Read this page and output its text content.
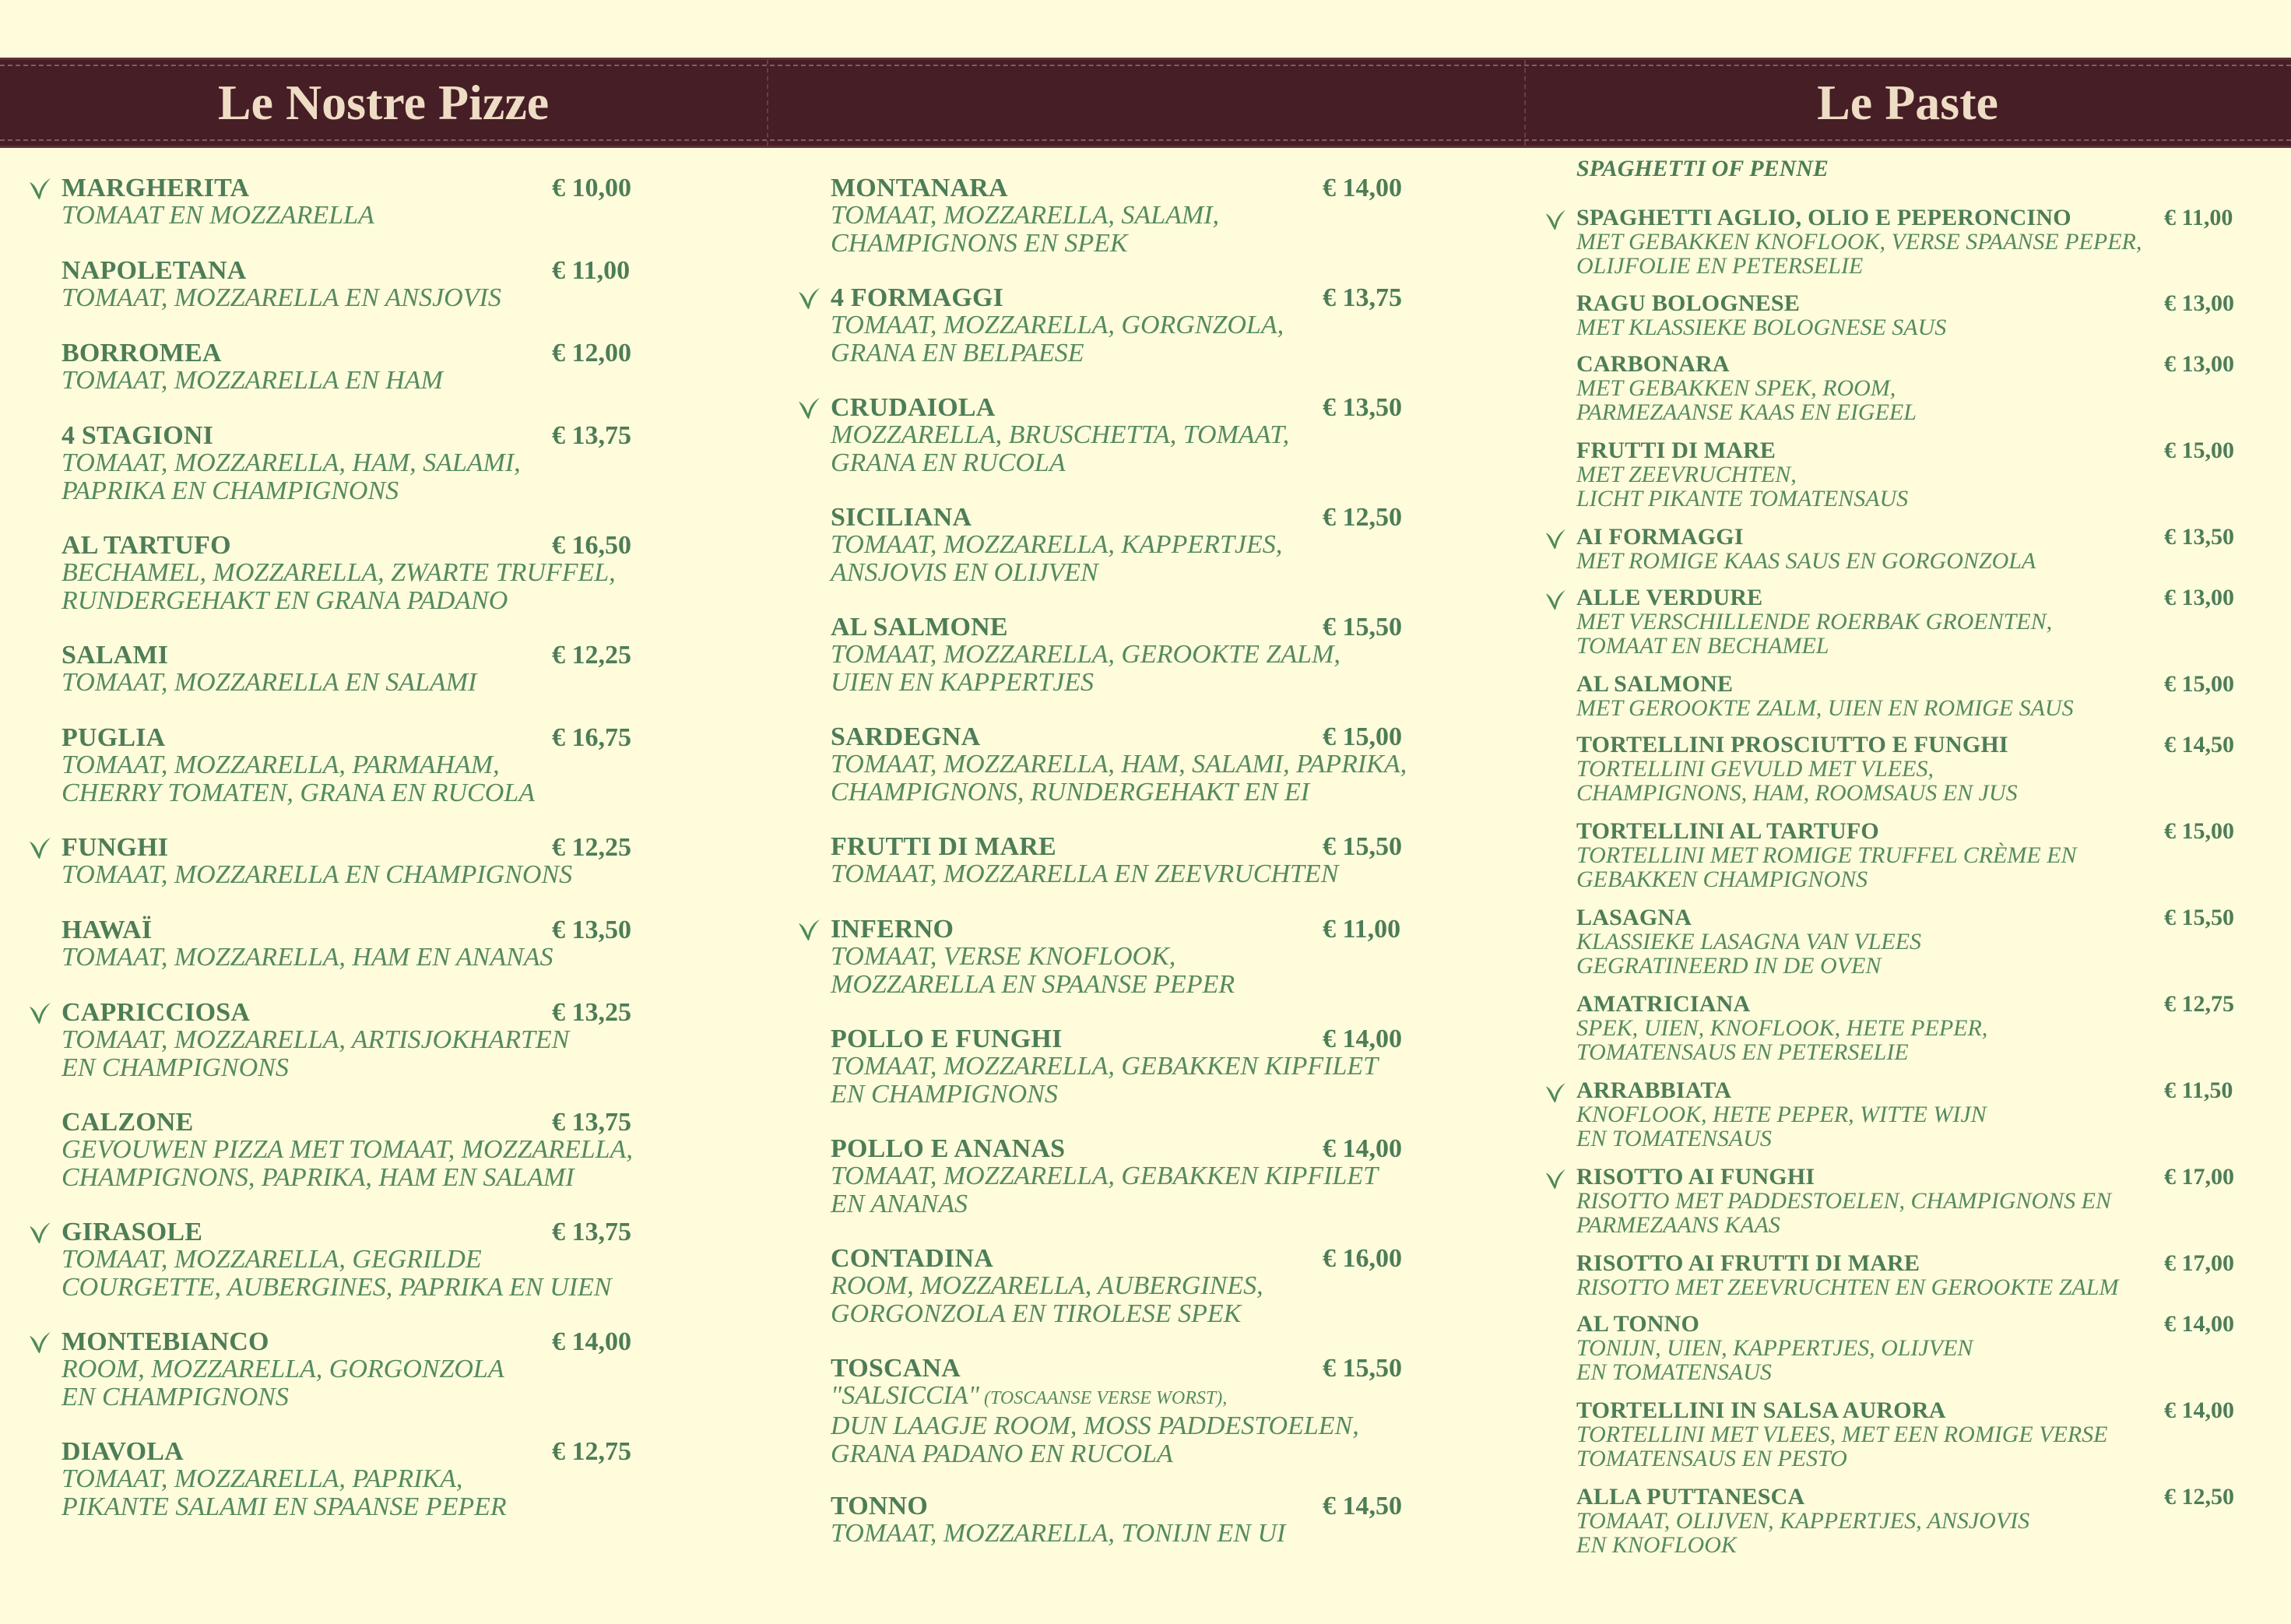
Le Nostre Pizze	Le Paste
MARGHERITA	€ 10,00
TOMAAT EN MOZZARELLA
NAPOLETANA	€ 11,00
TOMAAT, MOZZARELLA EN ANSJOVIS
BORROMEA	€ 12,00
TOMAAT, MOZZARELLA EN HAM
4 STAGIONI	€ 13,75
TOMAAT, MOZZARELLA, HAM, SALAMI,
PAPRIKA EN CHAMPIGNONS
AL TARTUFO	€ 16,50
BECHAMEL, MOZZARELLA, ZWARTE TRUFFEL,
RUNDERGEHAKT EN GRANA PADANO
SALAMI	€ 12,25
TOMAAT, MOZZARELLA EN SALAMI
PUGLIA	€ 16,75
TOMAAT, MOZZARELLA, PARMAHAM,
CHERRY TOMATEN, GRANA EN RUCOLA
FUNGHI	€ 12,25
TOMAAT, MOZZARELLA EN CHAMPIGNONS
HAWAÏ	€ 13,50
TOMAAT, MOZZARELLA, HAM EN ANANAS
CAPRICCIOSA	€ 13,25
TOMAAT, MOZZARELLA, ARTISJOKHARTEN
EN CHAMPIGNONS
CALZONE	€ 13,75
GEVOUWEN PIZZA MET TOMAAT, MOZZARELLA,
CHAMPIGNONS, PAPRIKA, HAM EN SALAMI
GIRASOLE	€ 13,75
TOMAAT, MOZZARELLA, GEGRILDE
COURGETTE, AUBERGINES, PAPRIKA EN UIEN
MONTEBIANCO	€ 14,00
ROOM, MOZZARELLA, GORGONZOLA
EN CHAMPIGNONS
DIAVOLA	€ 12,75
TOMAAT, MOZZARELLA, PAPRIKA,
PIKANTE SALAMI EN SPAANSE PEPER
MONTANARA	€ 14,00
TOMAAT, MOZZARELLA, SALAMI,
CHAMPIGNONS EN SPEK
4 FORMAGGI	€ 13,75
TOMAAT, MOZZARELLA, GORGNZOLA,
GRANA EN BELPAESE
CRUDAIOLA	€ 13,50
MOZZARELLA, BRUSCHETTA, TOMAAT,
GRANA EN RUCOLA
SICILIANA	€ 12,50
TOMAAT, MOZZARELLA, KAPPERTJES,
ANSJOVIS EN OLIJVEN
AL SALMONE	€ 15,50
TOMAAT, MOZZARELLA, GEROOKTE ZALM,
UIEN EN KAPPERTJES
SARDEGNA	€ 15,00
TOMAAT, MOZZARELLA, HAM, SALAMI, PAPRIKA,
CHAMPIGNONS, RUNDERGEHAKT EN EI
FRUTTI DI MARE	€ 15,50
TOMAAT, MOZZARELLA EN ZEEVRUCHTEN
INFERNO	€ 11,00
TOMAAT, VERSE KNOFLOOK,
MOZZARELLA EN SPAANSE PEPER
POLLO E FUNGHI	€ 14,00
TOMAAT, MOZZARELLA, GEBAKKEN KIPFILET
EN CHAMPIGNONS
POLLO E ANANAS	€ 14,00
TOMAAT, MOZZARELLA, GEBAKKEN KIPFILET
EN ANANAS
CONTADINA	€ 16,00
ROOM, MOZZARELLA, AUBERGINES,
GORGONZOLA EN TIROLESE SPEK
TOSCANA	€ 15,50
"SALSICCIA" (TOSCAANSE VERSE WORST),
DUN LAAGJE ROOM, MOSS PADDESTOELEN,
GRANA PADANO EN RUCOLA
TONNO	€ 14,50
TOMAAT, MOZZARELLA, TONIJN EN UI
SPAGHETTI OF PENNE
SPAGHETTI AGLIO, OLIO E PEPERONCINO	€ 11,00
MET GEBAKKEN KNOFLOOK, VERSE SPAANSE PEPER,
OLIJFOLIE EN PETERSELIE
RAGU BOLOGNESE	€ 13,00
MET KLASSIEKE BOLOGNESE SAUS
CARBONARA	€ 13,00
MET GEBAKKEN SPEK, ROOM,
PARMEZAANSE KAAS EN EIGEEL
FRUTTI DI MARE	€ 15,00
MET ZEEVRUCHTEN,
LICHT PIKANTE TOMATENSAUS
AI FORMAGGI	€ 13,50
MET ROMIGE KAAS SAUS EN GORGONZOLA
ALLE VERDURE	€ 13,00
MET VERSCHILLENDE ROERBAK GROENTEN,
TOMAAT EN BECHAMEL
AL SALMONE	€ 15,00
MET GEROOKTE ZALM, UIEN EN ROMIGE SAUS
TORTELLINI PROSCIUTTO E FUNGHI	€ 14,50
TORTELLINI GEVULD MET VLEES,
CHAMPIGNONS, HAM, ROOMSAUS EN JUS
TORTELLINI AL TARTUFO	€ 15,00
TORTELLINI MET ROMIGE TRUFFEL CRÈME EN
GEBAKKEN CHAMPIGNONS
LASAGNA	€ 15,50
KLASSIEKE LASAGNA VAN VLEES
GEGRATINEERD IN DE OVEN
AMATRICIANA	€ 12,75
SPEK, UIEN, KNOFLOOK, HETE PEPER,
TOMATENSAUS EN PETERSELIE
ARRABBIATA	€ 11,50
KNOFLOOK, HETE PEPER, WITTE WIJN
EN TOMATENSAUS
RISOTTO AI FUNGHI	€ 17,00
RISOTTO MET PADDESTOELEN, CHAMPIGNONS EN
PARMEZAANS KAAS
RISOTTO AI FRUTTI DI MARE	€ 17,00
RISOTTO MET ZEEVRUCHTEN EN GEROOKTE ZALM
AL TONNO	€ 14,00
TONIJN, UIEN, KAPPERTJES, OLIJVEN
EN TOMATENSAUS
TORTELLINI IN SALSA AURORA	€ 14,00
TORTELLINI MET VLEES, MET EEN ROMIGE VERSE
TOMATENSAUS EN PESTO
ALLA PUTTANESCA	€ 12,50
TOMAAT, OLIJVEN, KAPPERTJES, ANSJOVIS
EN KNOFLOOK
